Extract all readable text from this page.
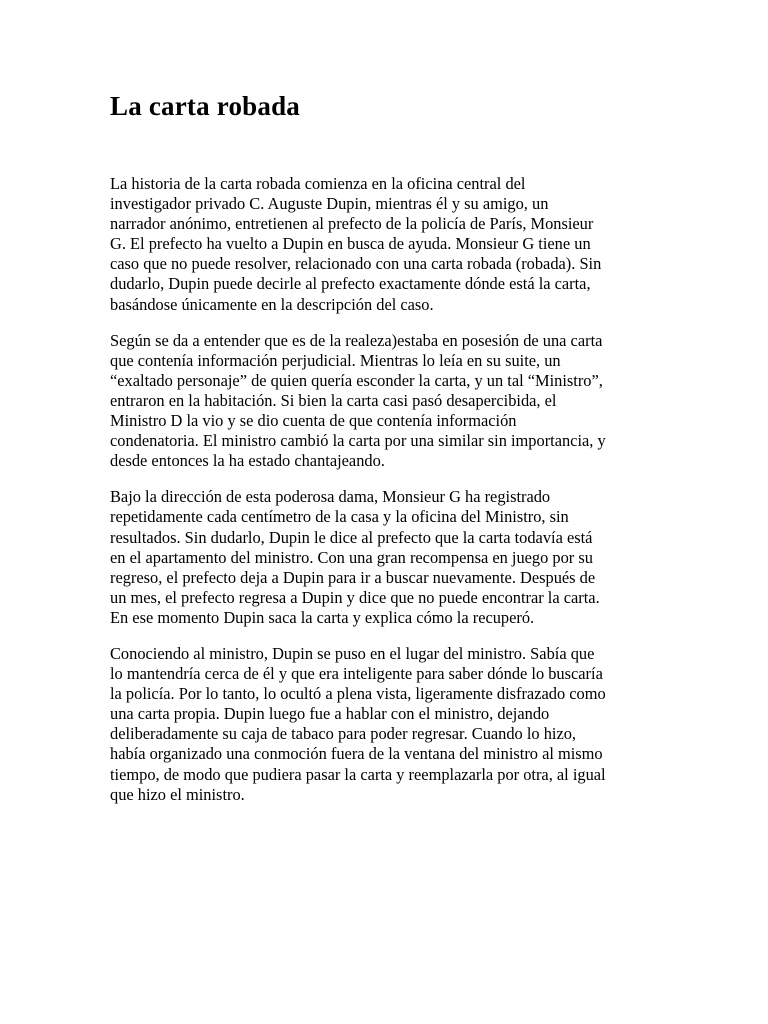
La carta robada

La historia de la carta robada comienza en la oficina central del
investigador privado C. Auguste Dupin, mientras él y su amigo, un
narrador anónimo, entretienen al prefecto de la policía de París, Monsieur
G. El prefecto ha vuelto a Dupin en busca de ayuda. Monsieur G tiene un
caso que no puede resolver, relacionado con una carta robada (robada). Sin
dudarlo, Dupin puede decirle al prefecto exactamente dónde está la carta,
basándose únicamente en la descripción del caso.

Según se da a entender que es de la realeza)estaba en posesión de una carta
que contenía información perjudicial. Mientras lo leía en su suite, un
“exaltado personaje” de quien quería esconder la carta, y un tal “Ministro”,
entraron en la habitación. Si bien la carta casi pasó desapercibida, el
Ministro D la vio y se dio cuenta de que contenía información
condenatoria. El ministro cambió la carta por una similar sin importancia, y
desde entonces la ha estado chantajeando.

Bajo la dirección de esta poderosa dama, Monsieur G ha registrado
repetidamente cada centímetro de la casa y la oficina del Ministro, sin
resultados. Sin dudarlo, Dupin le dice al prefecto que la carta todavía está
en el apartamento del ministro. Con una gran recompensa en juego por su
regreso, el prefecto deja a Dupin para ir a buscar nuevamente. Después de
un mes, el prefecto regresa a Dupin y dice que no puede encontrar la carta.
En ese momento Dupin saca la carta y explica cómo la recuperó.

Conociendo al ministro, Dupin se puso en el lugar del ministro. Sabía que
lo mantendría cerca de él y que era inteligente para saber dónde lo buscaría
la policía. Por lo tanto, lo ocultó a plena vista, ligeramente disfrazado como
una carta propia. Dupin luego fue a hablar con el ministro, dejando
deliberadamente su caja de tabaco para poder regresar. Cuando lo hizo,
había organizado una conmoción fuera de la ventana del ministro al mismo
tiempo, de modo que pudiera pasar la carta y reemplazarla por otra, al igual
que hizo el ministro.
